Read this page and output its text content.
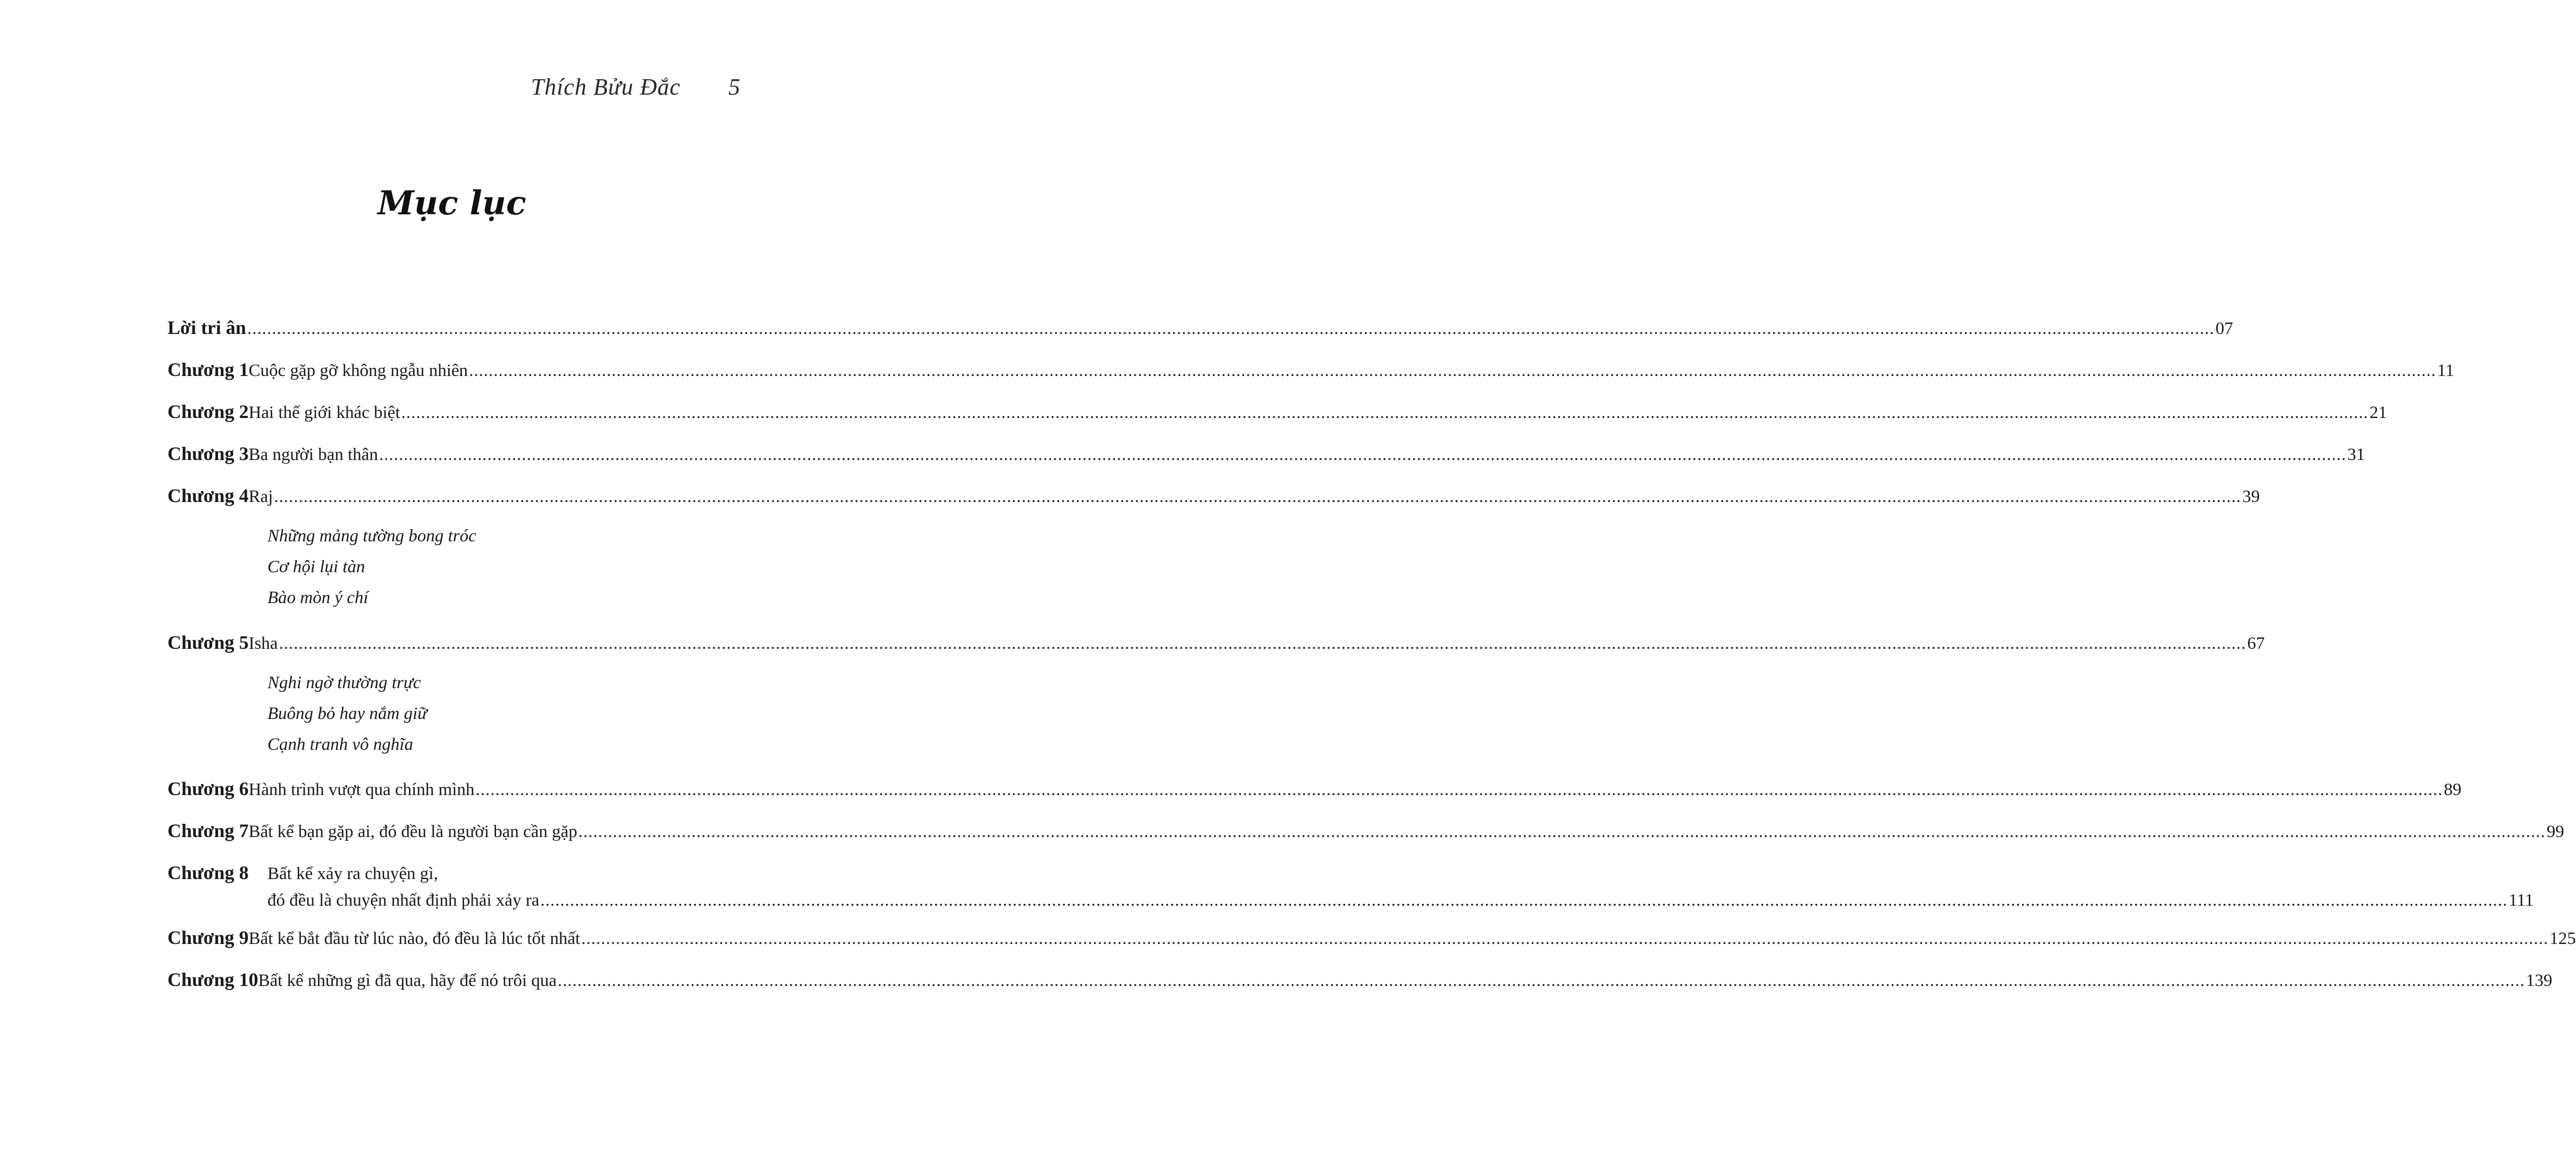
Thích Bửu Đắc 5
Mục lục
Lời tri ân ................................................................................................................................................................................................................................................................................................................................................................................................................ 07
Chương 1 Cuộc gặp gỡ không ngẫu nhiên ................................................................................................................................................................................................................................................................................................................................................................................................................ 11
Chương 2 Hai thế giới khác biệt ................................................................................................................................................................................................................................................................................................................................................................................................................ 21
Chương 3 Ba người bạn thân ................................................................................................................................................................................................................................................................................................................................................................................................................ 31
Chương 4 Raj ................................................................................................................................................................................................................................................................................................................................................................................................................ 39
Những mảng tường bong tróc
Cơ hội lụi tàn
Bào mòn ý chí
Chương 5 Isha ................................................................................................................................................................................................................................................................................................................................................................................................................ 67
Nghi ngờ thường trực
Buông bỏ hay nắm giữ
Cạnh tranh vô nghĩa
Chương 6 Hành trình vượt qua chính mình ................................................................................................................................................................................................................................................................................................................................................................................................................ 89
Chương 7 Bất kể bạn gặp ai, đó đều là người bạn cần gặp ................................................................................................................................................................................................................................................................................................................................................................................................................ 99
Chương 8	Bất kể xảy ra chuyện gì,
đó đều là chuyện nhất định phải xảy ra ................................................................................................................................................................................................................................................................................................................................................................................................................ 111
Chương 9 Bất kể bắt đầu từ lúc nào, đó đều là lúc tốt nhất ................................................................................................................................................................................................................................................................................................................................................................................................................ 125
Chương 10 Bất kể những gì đã qua, hãy để nó trôi qua ................................................................................................................................................................................................................................................................................................................................................................................................................ 139
